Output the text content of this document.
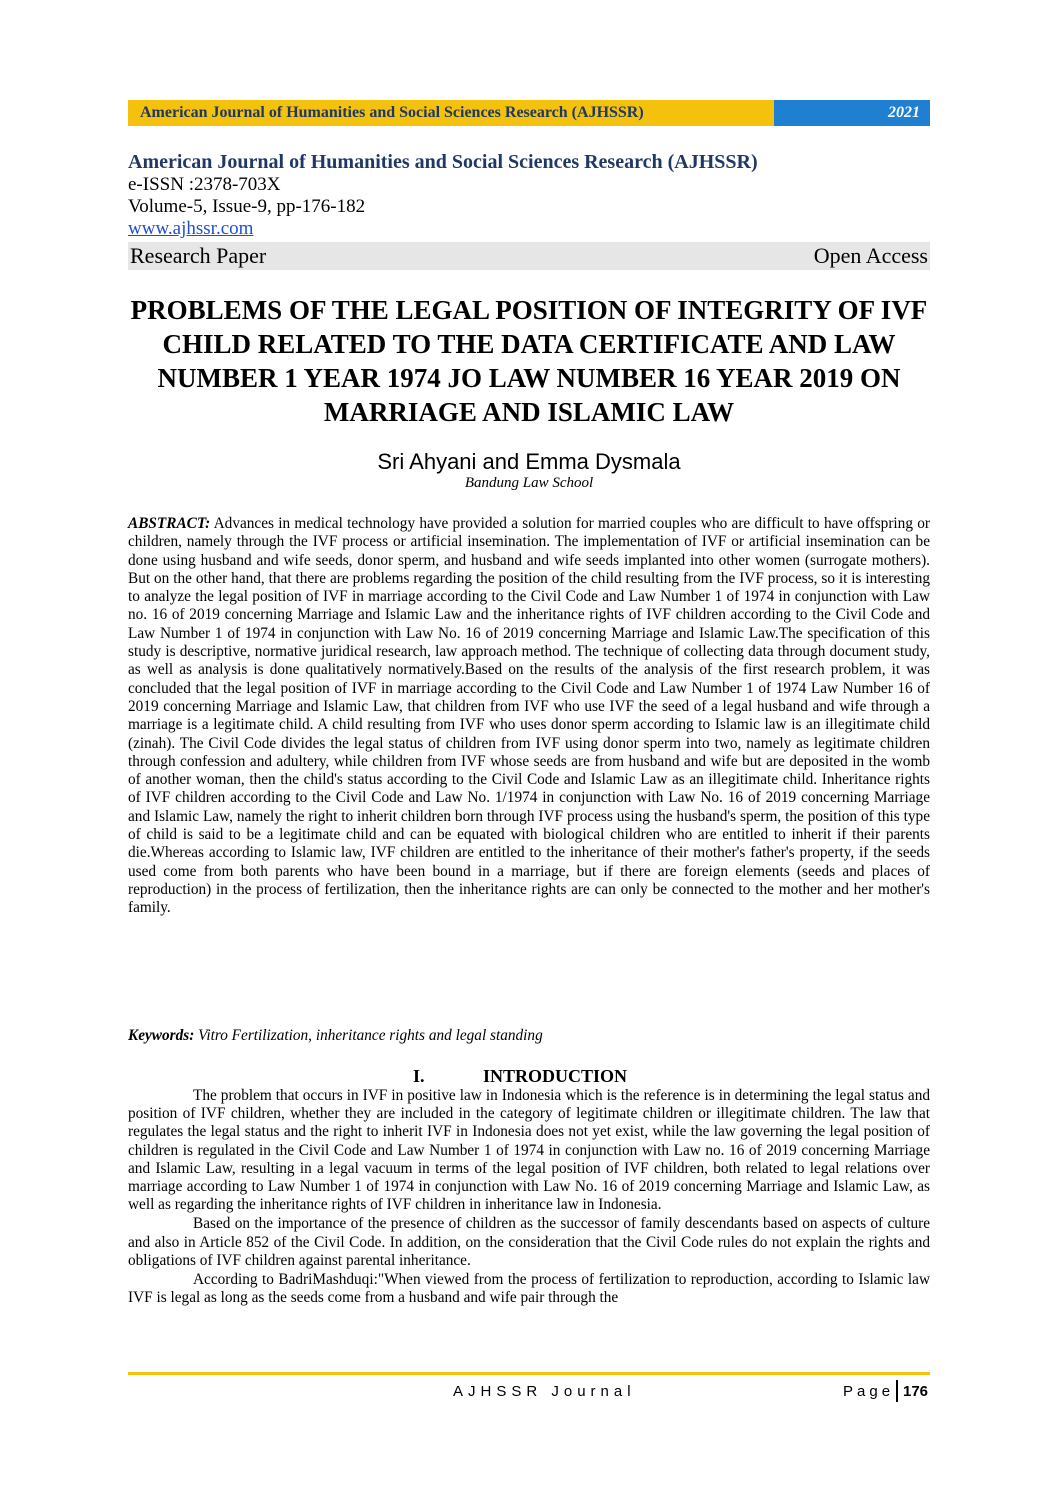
American Journal of Humanities and Social Sciences Research (AJHSSR)	2021
American Journal of Humanities and Social Sciences Research (AJHSSR)
e-ISSN :2378-703X
Volume-5, Issue-9, pp-176-182
www.ajhssr.com
Research Paper	Open Access
PROBLEMS OF THE LEGAL POSITION OF INTEGRITY OF IVF CHILD RELATED TO THE DATA CERTIFICATE AND LAW NUMBER 1 YEAR 1974 JO LAW NUMBER 16 YEAR 2019 ON MARRIAGE AND ISLAMIC LAW
Sri Ahyani and Emma Dysmala
Bandung Law School
ABSTRACT: Advances in medical technology have provided a solution for married couples who are difficult to have offspring or children, namely through the IVF process or artificial insemination. The implementation of IVF or artificial insemination can be done using husband and wife seeds, donor sperm, and husband and wife seeds implanted into other women (surrogate mothers). But on the other hand, that there are problems regarding the position of the child resulting from the IVF process, so it is interesting to analyze the legal position of IVF in marriage according to the Civil Code and Law Number 1 of 1974 in conjunction with Law no. 16 of 2019 concerning Marriage and Islamic Law and the inheritance rights of IVF children according to the Civil Code and Law Number 1 of 1974 in conjunction with Law No. 16 of 2019 concerning Marriage and Islamic Law.The specification of this study is descriptive, normative juridical research, law approach method. The technique of collecting data through document study, as well as analysis is done qualitatively normatively.Based on the results of the analysis of the first research problem, it was concluded that the legal position of IVF in marriage according to the Civil Code and Law Number 1 of 1974 Law Number 16 of 2019 concerning Marriage and Islamic Law, that children from IVF who use IVF the seed of a legal husband and wife through a marriage is a legitimate child. A child resulting from IVF who uses donor sperm according to Islamic law is an illegitimate child (zinah). The Civil Code divides the legal status of children from IVF using donor sperm into two, namely as legitimate children through confession and adultery, while children from IVF whose seeds are from husband and wife but are deposited in the womb of another woman, then the child's status according to the Civil Code and Islamic Law as an illegitimate child. Inheritance rights of IVF children according to the Civil Code and Law No. 1/1974 in conjunction with Law No. 16 of 2019 concerning Marriage and Islamic Law, namely the right to inherit children born through IVF process using the husband's sperm, the position of this type of child is said to be a legitimate child and can be equated with biological children who are entitled to inherit if their parents die.Whereas according to Islamic law, IVF children are entitled to the inheritance of their mother's father's property, if the seeds used come from both parents who have been bound in a marriage, but if there are foreign elements (seeds and places of reproduction) in the process of fertilization, then the inheritance rights are can only be connected to the mother and her mother's family.
Keywords: Vitro Fertilization, inheritance rights and legal standing
I.	INTRODUCTION

The problem that occurs in IVF in positive law in Indonesia which is the reference is in determining the legal status and position of IVF children, whether they are included in the category of legitimate children or illegitimate children. The law that regulates the legal status and the right to inherit IVF in Indonesia does not yet exist, while the law governing the legal position of children is regulated in the Civil Code and Law Number 1 of 1974 in conjunction with Law no. 16 of 2019 concerning Marriage and Islamic Law, resulting in a legal vacuum in terms of the legal position of IVF children, both related to legal relations over marriage according to Law Number 1 of 1974 in conjunction with Law No. 16 of 2019 concerning Marriage and Islamic Law, as well as regarding the inheritance rights of IVF children in inheritance law in Indonesia.

Based on the importance of the presence of children as the successor of family descendants based on aspects of culture and also in Article 852 of the Civil Code. In addition, on the consideration that the Civil Code rules do not explain the rights and obligations of IVF children against parental inheritance.

According to BadriMashduqi:"When viewed from the process of fertilization to reproduction, according to Islamic law IVF is legal as long as the seeds come from a husband and wife pair through the

AJHSSR Journal	Page 176
